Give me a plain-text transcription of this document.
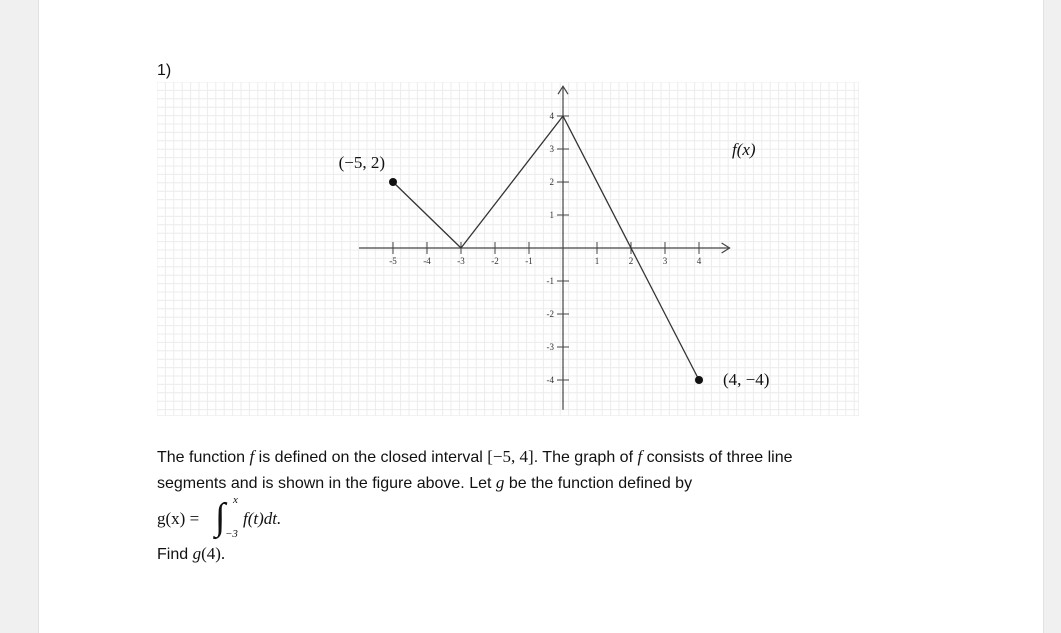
1)
-5	-4	-3	-2	-1	1	2	3	4
4
3
2
1
-1
-2
-3
-4
(−5, 2)
(4, −4)
f(x)
The function f is defined on the closed interval [−5, 4]. The graph of f consists of three line segments and is shown in the figure above. Let g be the function defined by
g(x) = ∫ x
−3
f(t)dt.
Find g(4).
